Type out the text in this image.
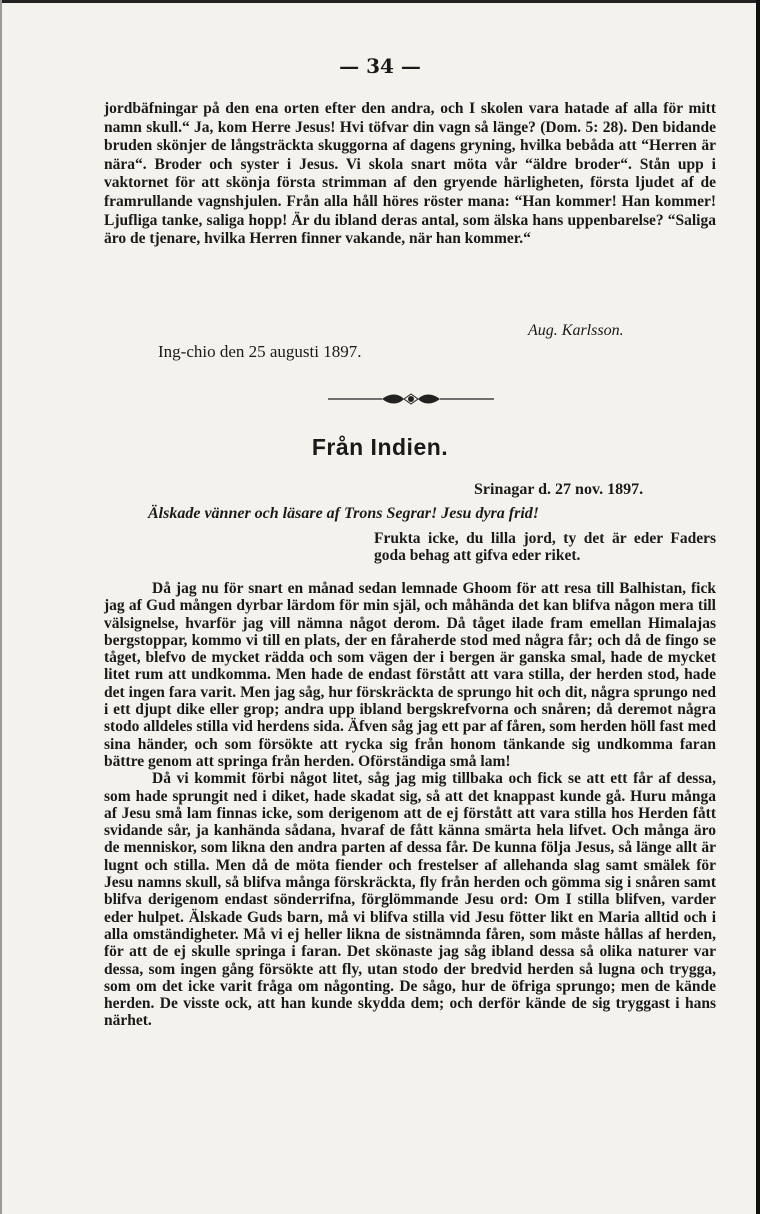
— 34 —

jordbäfningar på den ena orten efter den andra, och I skolen vara hatade af alla för mitt namn skull.“ Ja, kom Herre Jesus! Hvi töfvar din vagn så länge? (Dom. 5: 28). Den bidande bruden skönjer de långsträckta skuggorna af dagens gryning, hvilka bebåda att “Herren är nära“. Broder och syster i Jesus. Vi skola snart möta vår “äldre broder“. Stån upp i vaktornet för att skönja första strimman af den gryende härligheten, första ljudet af de framrullande vagnshjulen. Från alla håll höres röster mana: “Han kommer! Han kommer! Ljufliga tanke, saliga hopp! Är du ibland deras antal, som älska hans uppenbarelse? “Saliga äro de tjenare, hvilka Herren finner vakande, när han kommer.“

Aug. Karlsson.
Ing-chio den 25 augusti 1897.
Från Indien.
Srinagar d. 27 nov. 1897.
Älskade vänner och läsare af Trons Segrar! Jesu dyra frid!
Frukta icke, du lilla jord, ty det är eder Faders goda behag att gifva eder riket.

Då jag nu för snart en månad sedan lemnade Ghoom för att resa till Balhistan, fick jag af Gud mången dyrbar lärdom för min själ, och måhända det kan blifva någon mera till välsignelse, hvarför jag vill nämna något derom. Då tåget ilade fram emellan Himalajas bergstoppar, kommo vi till en plats, der en fåraherde stod med några får; och då de fingo se tåget, blefvo de mycket rädda och som vägen der i bergen är ganska smal, hade de mycket litet rum att undkomma. Men hade de endast förstått att vara stilla, der herden stod, hade det ingen fara varit. Men jag såg, hur förskräckta de sprungo hit och dit, några sprungo ned i ett djupt dike eller grop; andra upp ibland bergskrefvorna och snåren; då deremot några stodo alldeles stilla vid herdens sida. Äfven såg jag ett par af fåren, som herden höll fast med sina händer, och som försökte att rycka sig från honom tänkande sig undkomma faran bättre genom att springa från herden. Oförständiga små lam!

Då vi kommit förbi något litet, såg jag mig tillbaka och fick se att ett får af dessa, som hade sprungit ned i diket, hade skadat sig, så att det knappast kunde gå. Huru många af Jesu små lam finnas icke, som derigenom att de ej förstått att vara stilla hos Herden fått svidande sår, ja kanhända sådana, hvaraf de fått känna smärta hela lifvet. Och många äro de menniskor, som likna den andra parten af dessa får. De kunna följa Jesus, så länge allt är lugnt och stilla. Men då de möta fiender och frestelser af allehanda slag samt smälek för Jesu namns skull, så blifva många förskräckta, fly från herden och gömma sig i snåren samt blifva derigenom endast sönderrifna, förglömmande Jesu ord: Om I stilla blifven, varder eder hulpet. Älskade Guds barn, må vi blifva stilla vid Jesu fötter likt en Maria alltid och i alla omständigheter. Må vi ej heller likna de sistnämnda fåren, som måste hållas af herden, för att de ej skulle springa i faran. Det skönaste jag såg ibland dessa så olika naturer var dessa, som ingen gång försökte att fly, utan stodo der bredvid herden så lugna och trygga, som om det icke varit fråga om någonting. De sågo, hur de öfriga sprungo; men de kände herden. De visste ock, att han kunde skydda dem; och derför kände de sig tryggast i hans närhet.
